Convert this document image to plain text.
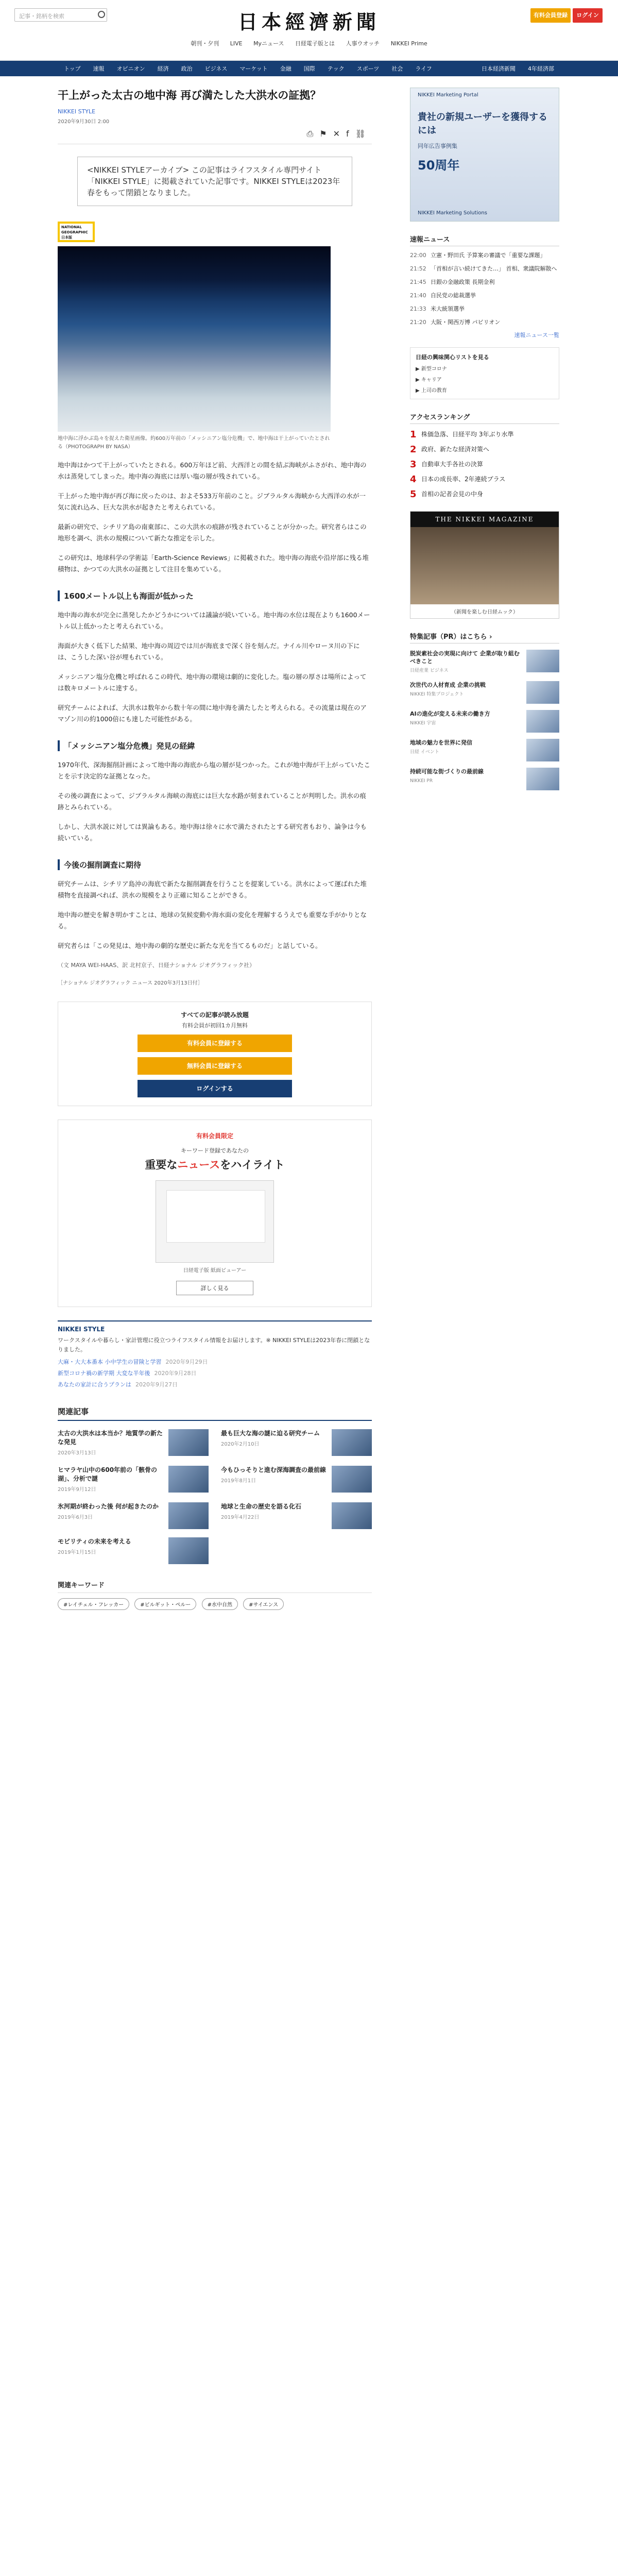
記事・銘柄を検索	日本經濟新聞	有料会員登録	ログイン
朝刊・夕刊 LIVE Myニュース 日経電子版とは 人事ウオッチ NIKKEI Prime
トップ	速報	オピニオン	経済	政治	ビジネス	マーケット	金融	国際	テック	スポーツ	社会	ライフ	日本経済新聞	4年経済部
干上がった太古の地中海 再び満たした大洪水の証拠？
NIKKEI STYLE
2020年9月30日 2:00
⎙⚑✕f⛓
<NIKKEI STYLEアーカイブ> この記事はライフスタイル専門サイト「NIKKEI STYLE」に掲載されていた記事です。NIKKEI STYLEは2023年春をもって閉鎖となりました。
NATIONAL GEOGRAPHIC 日本版
地中海に浮かぶ島々を捉えた衛星画像。約600万年前の「メッシニアン塩分危機」で、地中海は干上がっていたとされる（PHOTOGRAPH BY NASA）

地中海はかつて干上がっていたとされる。600万年ほど前、大西洋との間を結ぶ海峡がふさがれ、地中海の水は蒸発してしまった。地中海の海底には厚い塩の層が残されている。

干上がった地中海が再び海に戻ったのは、およそ533万年前のこと。ジブラルタル海峡から大西洋の水が一気に流れ込み、巨大な洪水が起きたと考えられている。

最新の研究で、シチリア島の南東部に、この大洪水の痕跡が残されていることが分かった。研究者らはこの地形を調べ、洪水の規模について新たな推定を示した。

この研究は、地球科学の学術誌「Earth-Science Reviews」に掲載された。地中海の海底や沿岸部に残る堆積物は、かつての大洪水の証拠として注目を集めている。

1600メートル以上も海面が低かった

地中海の海水が完全に蒸発したかどうかについては議論が続いている。地中海の水位は現在よりも1600メートル以上低かったと考えられている。

海面が大きく低下した結果、地中海の周辺では川が海底まで深く谷を刻んだ。ナイル川やローヌ川の下には、こうした深い谷が埋もれている。

メッシニアン塩分危機と呼ばれるこの時代、地中海の環境は劇的に変化した。塩の層の厚さは場所によっては数キロメートルに達する。

研究チームによれば、大洪水は数年から数十年の間に地中海を満たしたと考えられる。その流量は現在のアマゾン川の約1000倍にも達した可能性がある。

「メッシニアン塩分危機」発見の経緯

1970年代、深海掘削計画によって地中海の海底から塩の層が見つかった。これが地中海が干上がっていたことを示す決定的な証拠となった。

その後の調査によって、ジブラルタル海峡の海底には巨大な水路が刻まれていることが判明した。洪水の痕跡とみられている。

しかし、大洪水説に対しては異論もある。地中海は徐々に水で満たされたとする研究者もおり、論争は今も続いている。

今後の掘削調査に期待

研究チームは、シチリア島沖の海底で新たな掘削調査を行うことを提案している。洪水によって運ばれた堆積物を直接調べれば、洪水の規模をより正確に知ることができる。

地中海の歴史を解き明かすことは、地球の気候変動や海水面の変化を理解するうえでも重要な手がかりとなる。

研究者らは「この発見は、地中海の劇的な歴史に新たな光を当てるものだ」と話している。

（文 MAYA WEI-HAAS、訳 北村京子、日経ナショナル ジオグラフィック社）
［ナショナル ジオグラフィック ニュース 2020年3月13日付］
すべての記事が読み放題
有料会員が初回1カ月無料
有料会員に登録する
無料会員に登録する
ログインする
有料会員限定
キーワード登録であなたの
重要なニュースをハイライト
日経電子版 紙面ビューアー
詳しく見る
NIKKEI STYLE
ワークスタイルや暮らし・家計管理に役立つライフスタイル情報をお届けします。※ NIKKEI STYLEは2023年春に閉鎖となりました。
大麻・大大本番本 小中学生の冒険と学習 2020年9月29日
新型コロナ禍の新学期 大変な半年後 2020年9月28日
あなたの家計に合うプランは 2020年9月27日
関連記事
太古の大洪水は本当か？地質学の新たな発見
2020年3月13日
最も巨大な海の謎に迫る研究チーム
2020年2月10日
ヒマラヤ山中の600年前の「骸骨の湖」、分析で謎
2019年9月12日
今もひっそりと進む深海調査の最前線
2019年8月1日
氷河期が終わった後 何が起きたのか
2019年6月3日
地球と生命の歴史を語る化石
2019年4月22日
モビリティの未来を考える
2019年1月15日
関連キーワード
#レイチェル・フレッカー	#ビルギット・ペルー	#水中自然	#サイエンス
NIKKEI Marketing Portal
貴社の新規ユーザーを獲得するには
同年広告事例集
50周年
NIKKEI Marketing Solutions
速報ニュース
22:00 立憲・野田氏 予算案の審議で「重要な課題」
21:52 「首相が言い続けてきた…」 首相、衆議院解散へ
21:45 日銀の金融政策 長期金利
21:40 自民党の総裁選挙
21:33 米大統領選挙
21:20 大阪・関西万博 パビリオン
速報ニュース一覧
日経の興味関心リストを見る
▶ 新型コロナ
▶ キャリア
▶ 上司の教育
アクセスランキング
1 株価急落、日経平均 3年ぶり水準
2 政府、新たな経済対策へ
3 自動車大手各社の決算
4 日本の成長率、2年連続プラス
5 首相の記者会見の中身
THE NIKKEI MAGAZINE
（新聞を楽しむ日経ムック）
特集記事（PR）はこちら ›
脱炭素社会の実現に向けて 企業が取り組むべきこと
日経産業 ビジネス
次世代の人材育成 企業の挑戦
NIKKEI 特集プロジェクト
AIの進化が変える未来の働き方
NIKKEI 宇宙
地域の魅力を世界に発信
日経 イベント
持続可能な街づくりの最前線
NIKKEI PR
